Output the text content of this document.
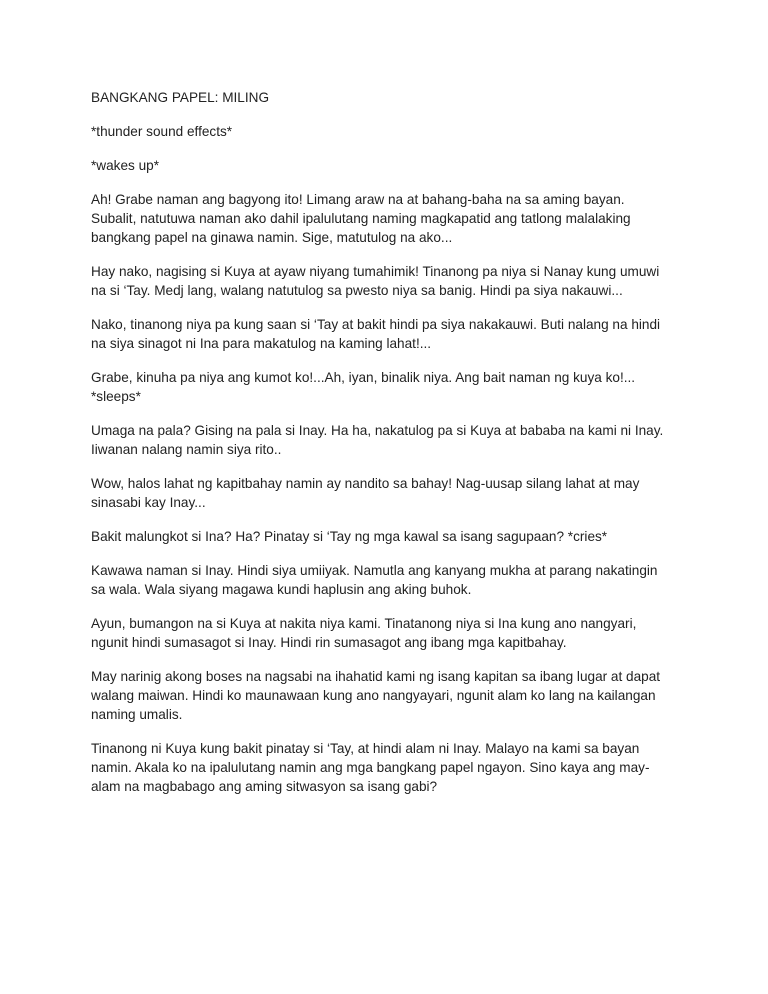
BANGKANG PAPEL: MILING

*thunder sound effects*

*wakes up*

Ah! Grabe naman ang bagyong ito! Limang araw na at bahang-baha na sa aming bayan.
Subalit, natutuwa naman ako dahil ipalulutang naming magkapatid ang tatlong malalaking
bangkang papel na ginawa namin. Sige, matutulog na ako...

Hay nako, nagising si Kuya at ayaw niyang tumahimik! Tinanong pa niya si Nanay kung umuwi
na si ‘Tay. Medj lang, walang natutulog sa pwesto niya sa banig. Hindi pa siya nakauwi...

Nako, tinanong niya pa kung saan si ‘Tay at bakit hindi pa siya nakakauwi. Buti nalang na hindi
na siya sinagot ni Ina para makatulog na kaming lahat!...

Grabe, kinuha pa niya ang kumot ko!...Ah, iyan, binalik niya. Ang bait naman ng kuya ko!...
*sleeps*

Umaga na pala? Gising na pala si Inay. Ha ha, nakatulog pa si Kuya at bababa na kami ni Inay.
Iiwanan nalang namin siya rito..

Wow, halos lahat ng kapitbahay namin ay nandito sa bahay! Nag-uusap silang lahat at may
sinasabi kay Inay...

Bakit malungkot si Ina? Ha? Pinatay si ‘Tay ng mga kawal sa isang sagupaan? *cries*

Kawawa naman si Inay. Hindi siya umiiyak. Namutla ang kanyang mukha at parang nakatingin
sa wala. Wala siyang magawa kundi haplusin ang aking buhok.

Ayun, bumangon na si Kuya at nakita niya kami. Tinatanong niya si Ina kung ano nangyari,
ngunit hindi sumasagot si Inay. Hindi rin sumasagot ang ibang mga kapitbahay.

May narinig akong boses na nagsabi na ihahatid kami ng isang kapitan sa ibang lugar at dapat
walang maiwan. Hindi ko maunawaan kung ano nangyayari, ngunit alam ko lang na kailangan
naming umalis.

Tinanong ni Kuya kung bakit pinatay si ‘Tay, at hindi alam ni Inay. Malayo na kami sa bayan
namin. Akala ko na ipalulutang namin ang mga bangkang papel ngayon. Sino kaya ang may-
alam na magbabago ang aming sitwasyon sa isang gabi?
